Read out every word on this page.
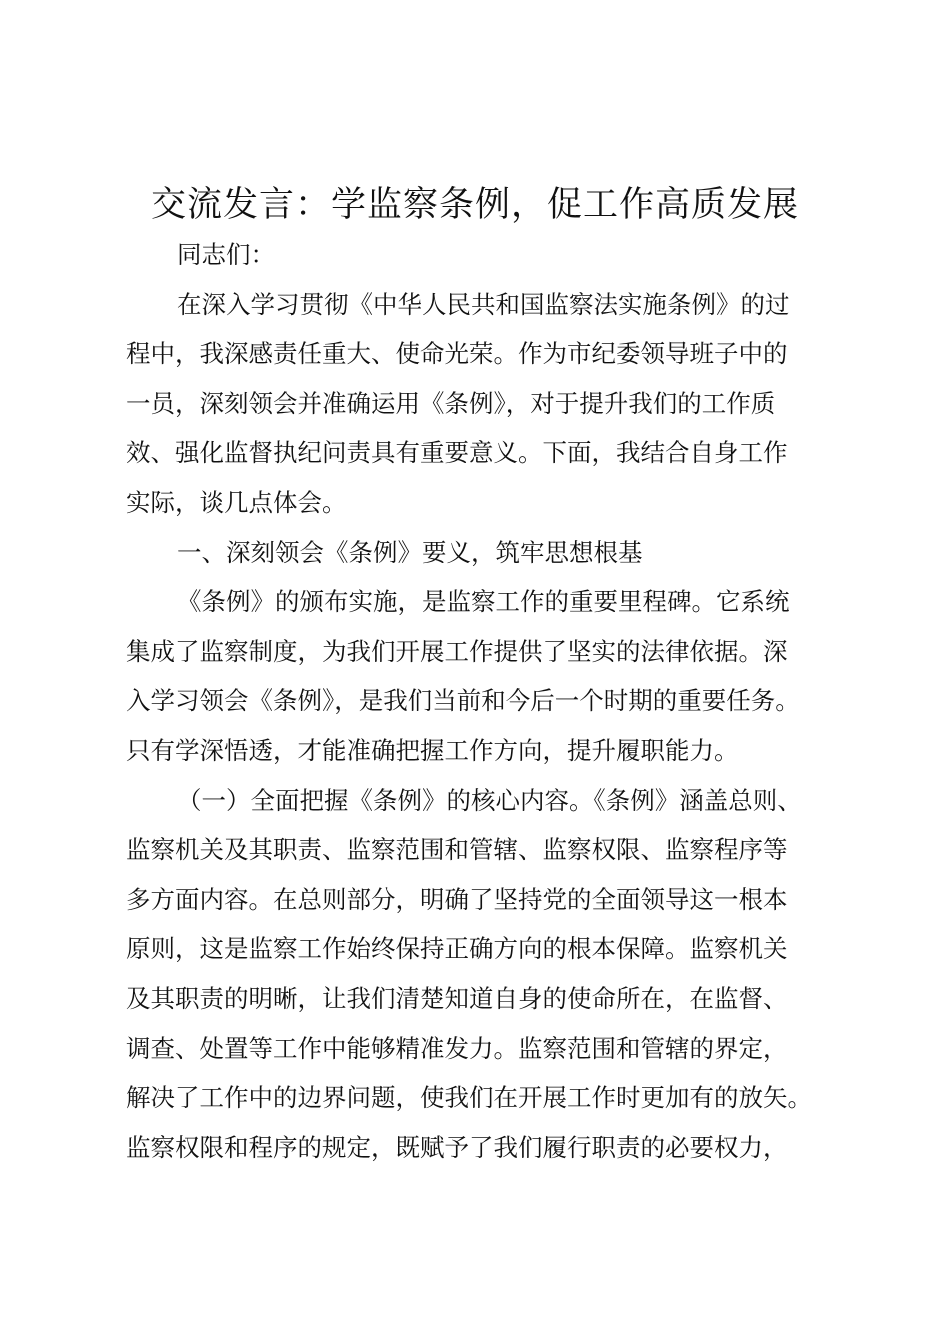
交流发言：学监察条例，促工作高质发展

同志们：

在深入学习贯彻《中华人民共和国监察法实施条例》的过

程中，我深感责任重大、使命光荣。作为市纪委领导班子中的

一员，深刻领会并准确运用《条例》，对于提升我们的工作质

效、强化监督执纪问责具有重要意义。下面，我结合自身工作

实际，谈几点体会。

一、深刻领会《条例》要义，筑牢思想根基

《条例》的颁布实施，是监察工作的重要里程碑。它系统

集成了监察制度，为我们开展工作提供了坚实的法律依据。深

入学习领会《条例》，是我们当前和今后一个时期的重要任务。

只有学深悟透，才能准确把握工作方向，提升履职能力。

（一）全面把握《条例》的核心内容。《条例》涵盖总则、

监察机关及其职责、监察范围和管辖、监察权限、监察程序等

多方面内容。在总则部分，明确了坚持党的全面领导这一根本

原则，这是监察工作始终保持正确方向的根本保障。监察机关

及其职责的明晰，让我们清楚知道自身的使命所在，在监督、

调查、处置等工作中能够精准发力。监察范围和管辖的界定，

解决了工作中的边界问题，使我们在开展工作时更加有的放矢。

监察权限和程序的规定，既赋予了我们履行职责的必要权力，
